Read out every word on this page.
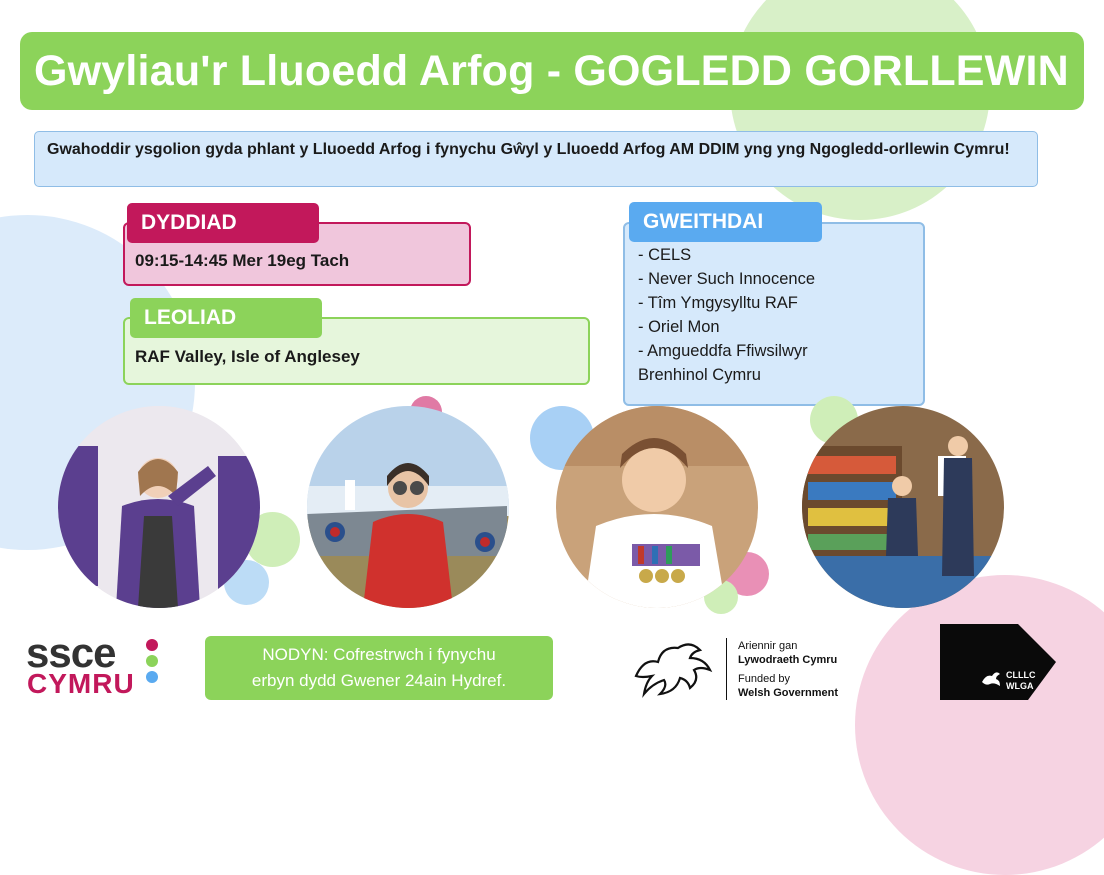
Gwyliau'r Lluoedd Arfog - GOGLEDD GORLLEWIN
Gwahoddir ysgolion gyda phlant y Lluoedd Arfog i fynychu Gŵyl y Lluoedd Arfog AM DDIM yng yng Ngogledd-orllewin Cymru!
DYDDIAD
09:15-14:45 Mer 19eg Tach
LEOLIAD
RAF Valley, Isle of Anglesey
GWEITHDAI
- CELS
- Never Such Innocence
- Tîm Ymgysylltu RAF
- Oriel Mon
- Amgueddfa Ffiwsilwyr
Brenhinol Cymru
ssce
CYMRU
NODYN: Cofrestrwch i fynychu
erbyn dydd Gwener 24ain Hydref.
Ariennir gan
Lywodraeth Cymru
Funded by
Welsh Government
CLLLC
WLGA
